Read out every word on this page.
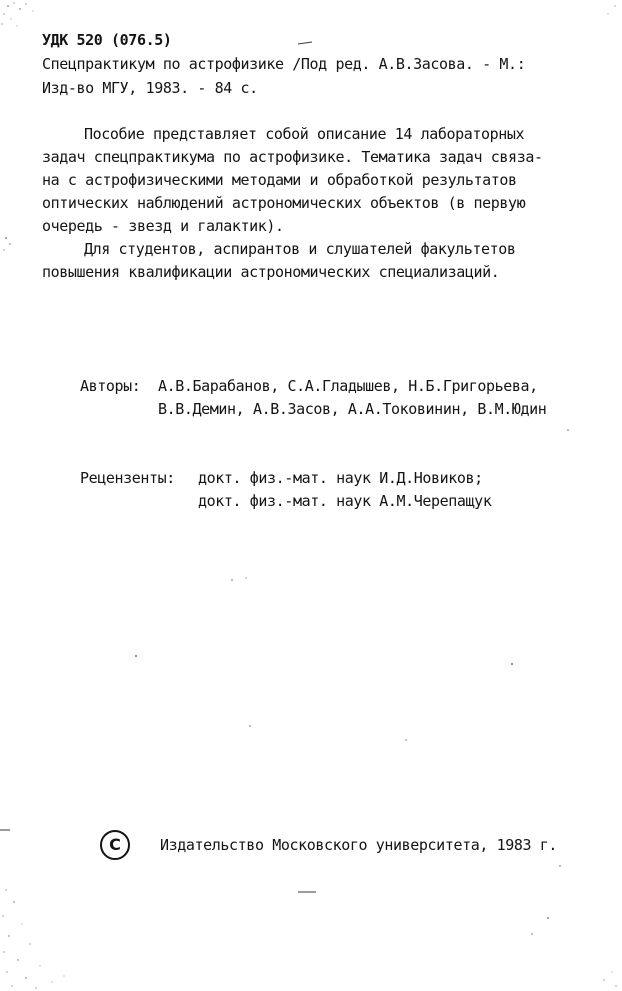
УДК 520 (076.5)
Спецпрактикум по астрофизике /Под ред. А.В.Засова. - М.:
Изд-во МГУ, 1983. - 84 с.
Пособие представляет собой описание 14 лабораторных
задач спецпрактикума по астрофизике. Тематика задач связа-
на с астрофизическими методами и обработкой результатов
оптических наблюдений астрономических объектов (в первую
очередь - звезд и галактик).
Для студентов, аспирантов и слушателей факультетов
повышения квалификации астрономических специализаций.
Авторы: А.В.Барабанов, С.А.Гладышев, Н.Б.Григорьева,
В.В.Демин, А.В.Засов, А.А.Токовинин, В.М.Юдин
Рецензенты: докт. физ.-мат. наук И.Д.Новиков;
докт. физ.-мат. наук А.М.Черепащук
C	Издательство Московского университета, 1983 г.
